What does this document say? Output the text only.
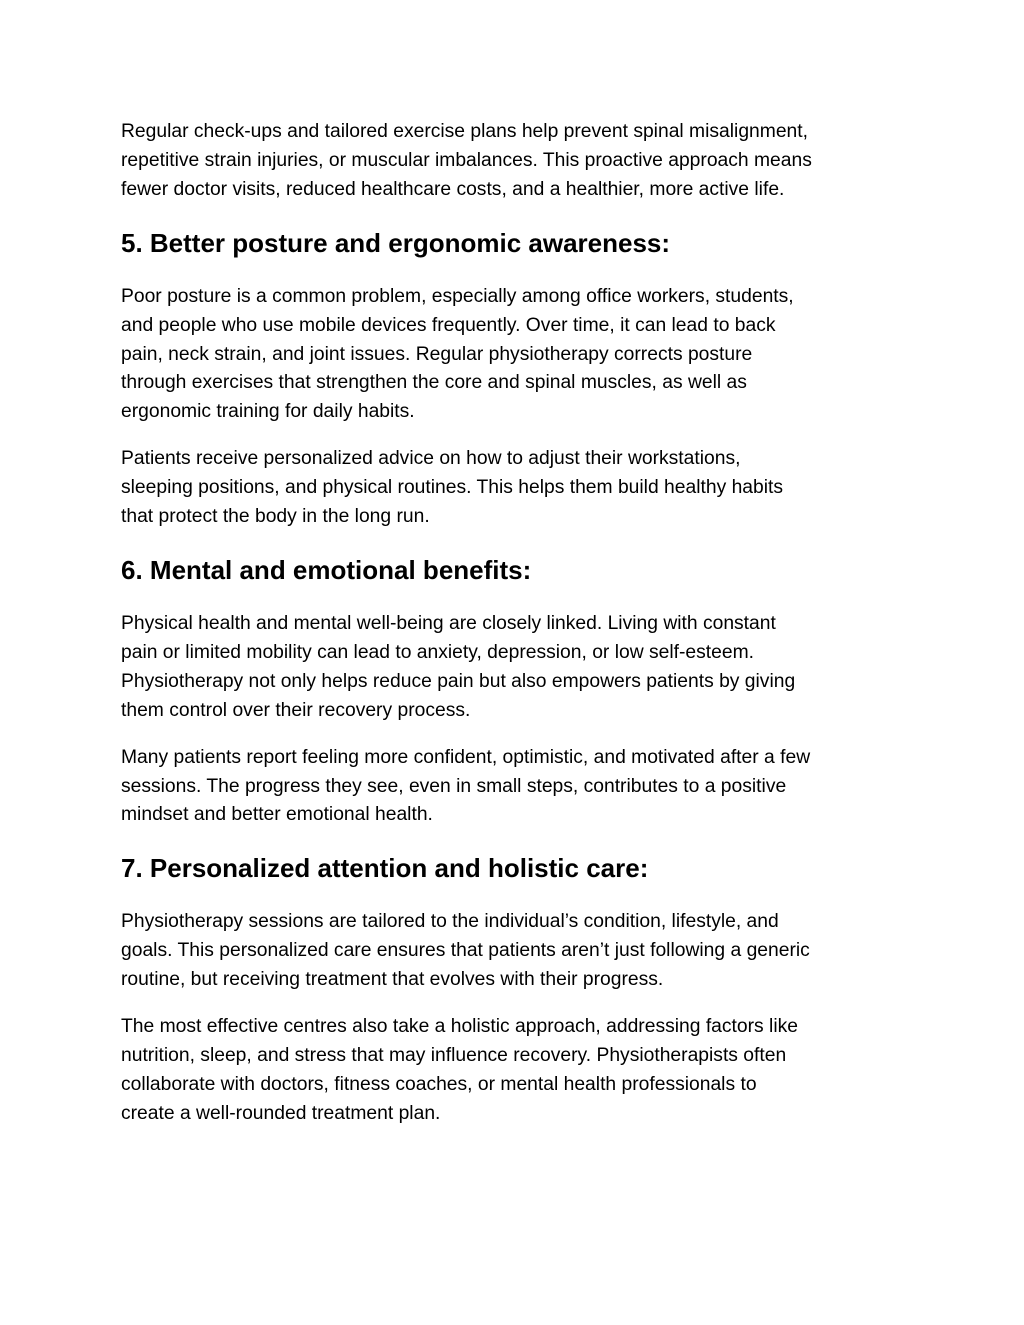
Regular check-ups and tailored exercise plans help prevent spinal misalignment,
repetitive strain injuries, or muscular imbalances. This proactive approach means
fewer doctor visits, reduced healthcare costs, and a healthier, more active life.

5. Better posture and ergonomic awareness:

Poor posture is a common problem, especially among office workers, students,
and people who use mobile devices frequently. Over time, it can lead to back
pain, neck strain, and joint issues. Regular physiotherapy corrects posture
through exercises that strengthen the core and spinal muscles, as well as
ergonomic training for daily habits.

Patients receive personalized advice on how to adjust their workstations,
sleeping positions, and physical routines. This helps them build healthy habits
that protect the body in the long run.

6. Mental and emotional benefits:

Physical health and mental well-being are closely linked. Living with constant
pain or limited mobility can lead to anxiety, depression, or low self-esteem.
Physiotherapy not only helps reduce pain but also empowers patients by giving
them control over their recovery process.

Many patients report feeling more confident, optimistic, and motivated after a few
sessions. The progress they see, even in small steps, contributes to a positive
mindset and better emotional health.

7. Personalized attention and holistic care:

Physiotherapy sessions are tailored to the individual’s condition, lifestyle, and
goals. This personalized care ensures that patients aren’t just following a generic
routine, but receiving treatment that evolves with their progress.

The most effective centres also take a holistic approach, addressing factors like
nutrition, sleep, and stress that may influence recovery. Physiotherapists often
collaborate with doctors, fitness coaches, or mental health professionals to
create a well-rounded treatment plan.
